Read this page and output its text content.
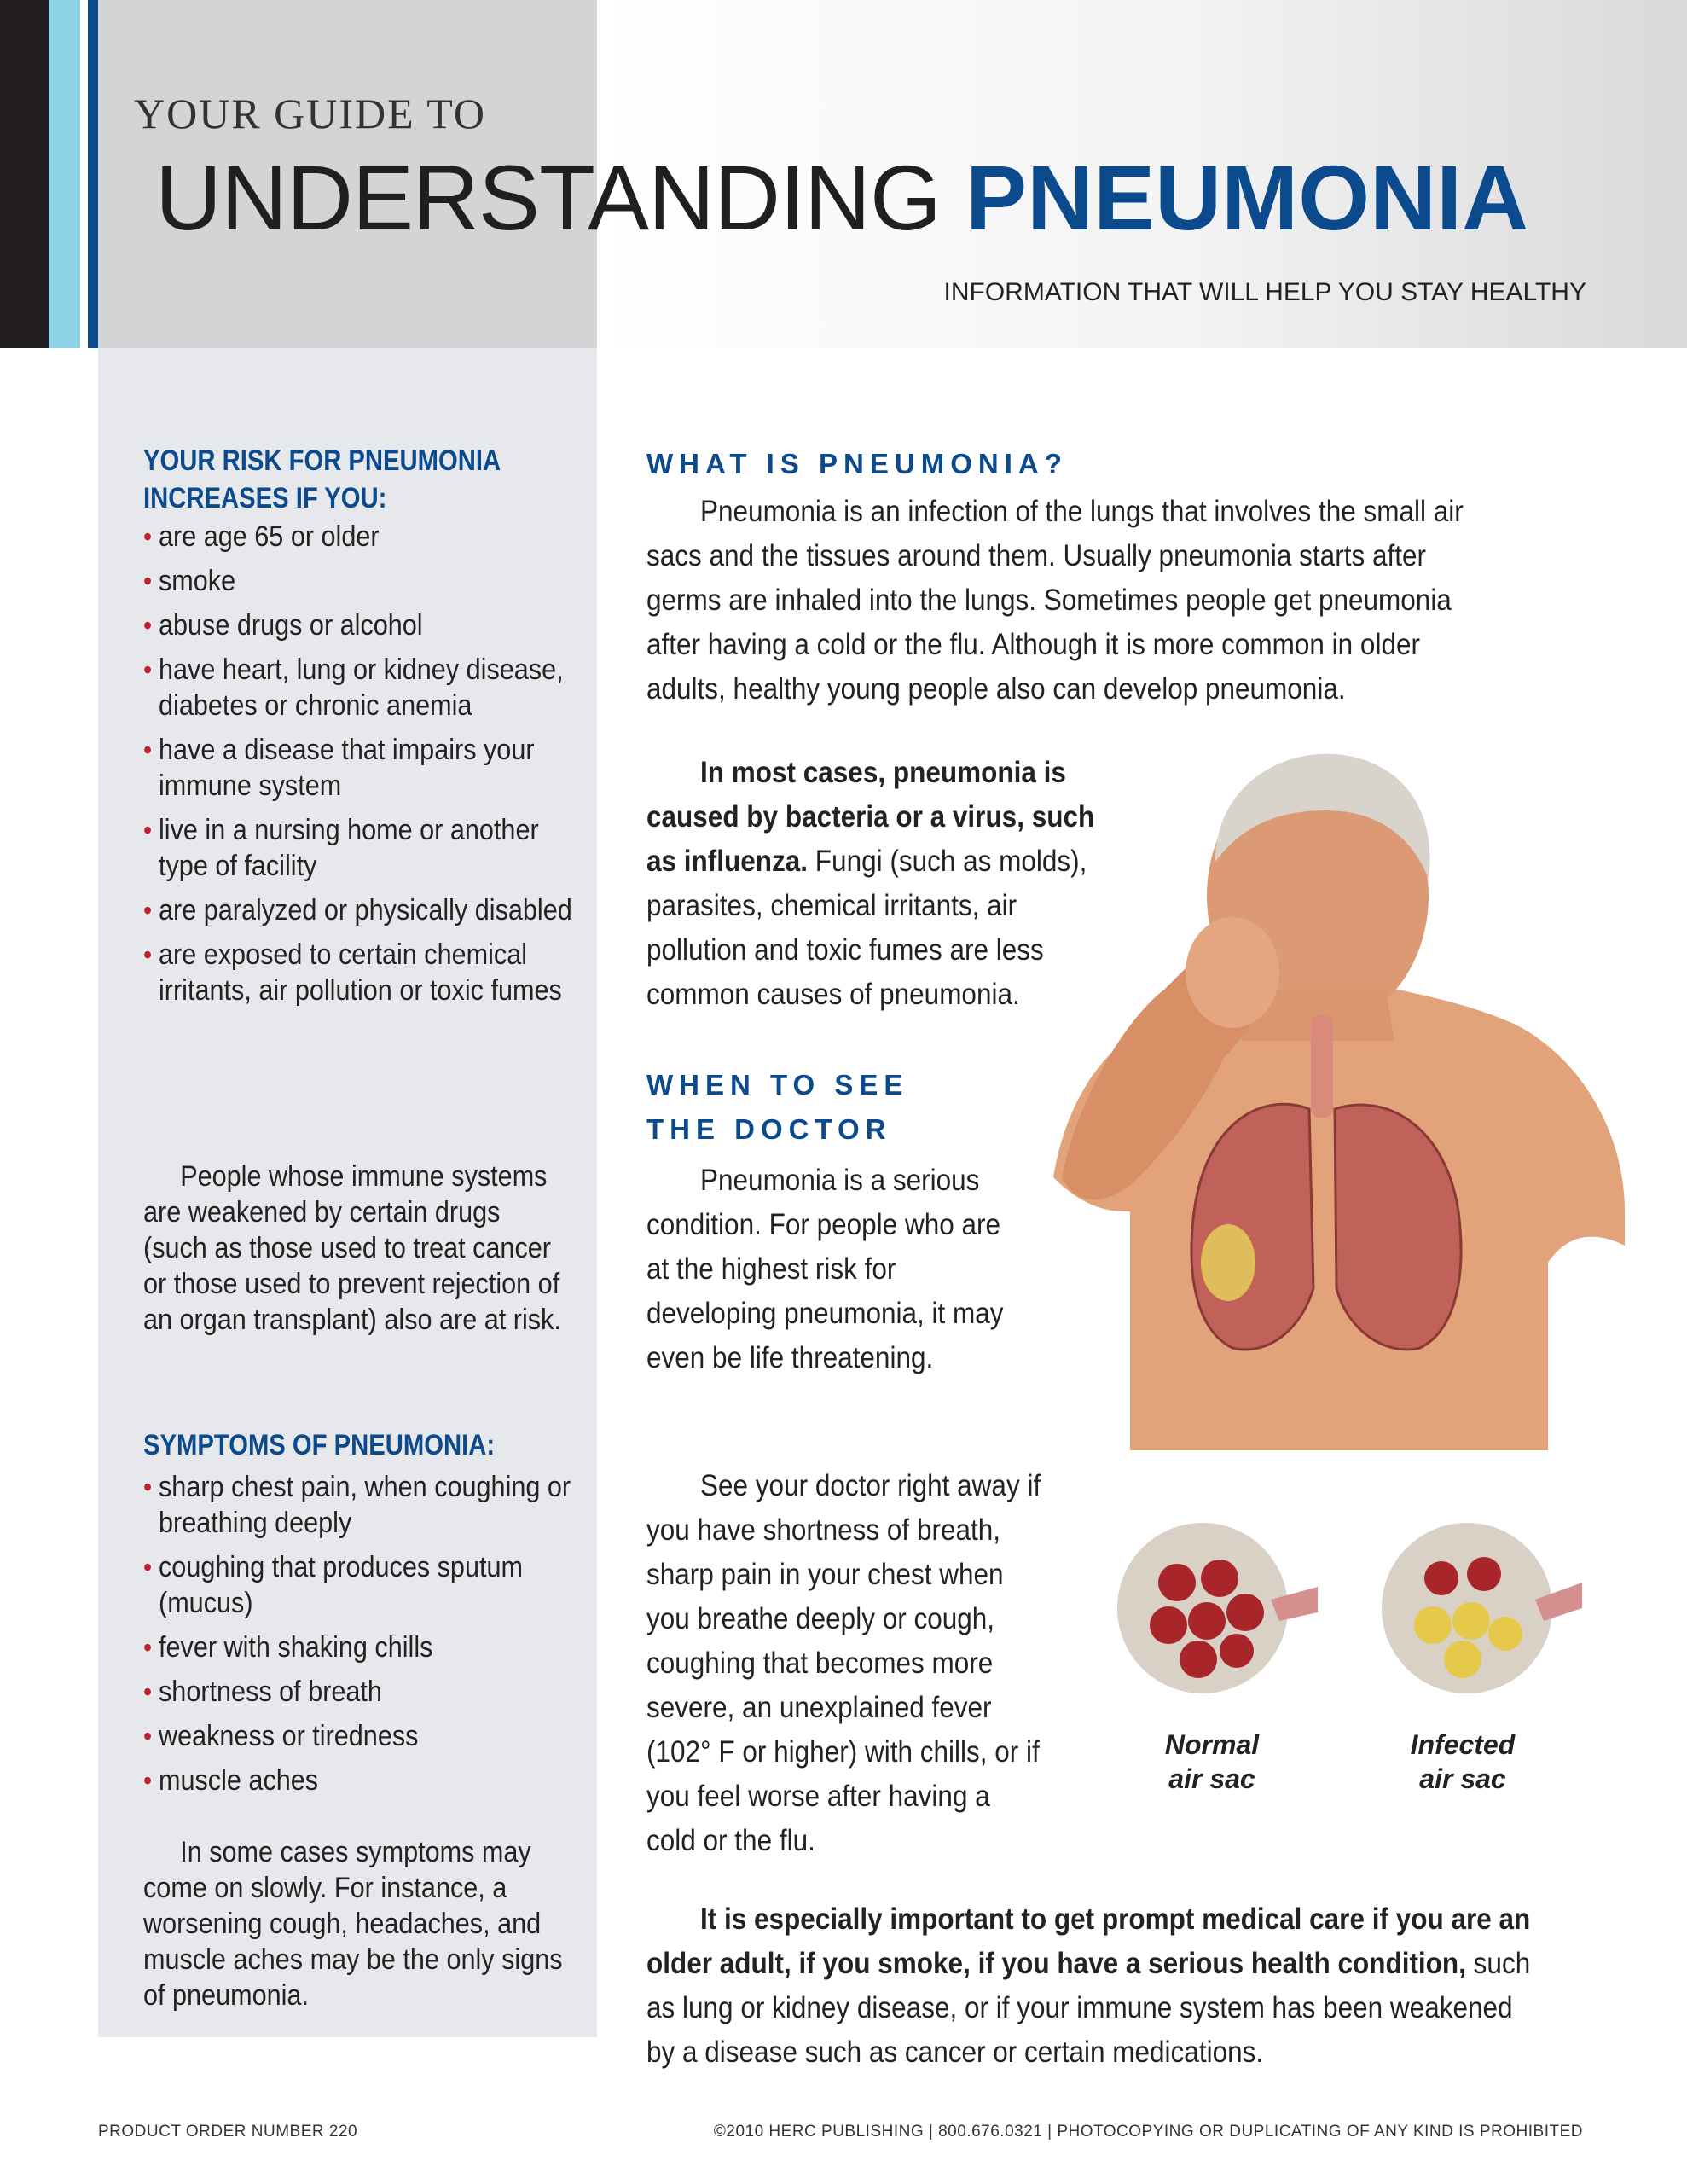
YOUR GUIDE TO
UNDERSTANDING PNEUMONIA
INFORMATION THAT WILL HELP YOU STAY HEALTHY
YOUR RISK FOR PNEUMONIA
INCREASES IF YOU:
• are age 65 or older
• smoke
• abuse drugs or alcohol
• have heart, lung or kidney disease, diabetes or chronic anemia
• have a disease that impairs your immune system
• live in a nursing home or another type of facility
• are paralyzed or physically disabled
• are exposed to certain chemical irritants, air pollution or toxic fumes
People whose immune systems are weakened by certain drugs (such as those used to treat cancer or those used to prevent rejection of an organ transplant) also are at risk.
SYMPTOMS OF PNEUMONIA:
• sharp chest pain, when coughing or breathing deeply
• coughing that produces sputum (mucus)
• fever with shaking chills
• shortness of breath
• weakness or tiredness
• muscle aches
In some cases symptoms may come on slowly. For instance, a worsening cough, headaches, and muscle aches may be the only signs of pneumonia.
WHAT IS PNEUMONIA?
Pneumonia is an infection of the lungs that involves the small air sacs and the tissues around them. Usually pneumonia starts after germs are inhaled into the lungs. Sometimes people get pneumonia after having a cold or the flu. Although it is more common in older adults, healthy young people also can develop pneumonia.
In most cases, pneumonia is caused by bacteria or a virus, such as influenza. Fungi (such as molds), parasites, chemical irritants, air pollution and toxic fumes are less common causes of pneumonia.
WHEN TO SEE
THE DOCTOR
Pneumonia is a serious condition. For people who are at the highest risk for developing pneumonia, it may even be life threatening.
See your doctor right away if you have shortness of breath, sharp pain in your chest when you breathe deeply or cough, coughing that becomes more severe, an unexplained fever (102° F or higher) with chills, or if you feel worse after having a cold or the flu.
It is especially important to get prompt medical care if you are an older adult, if you smoke, if you have a serious health condition, such as lung or kidney disease, or if your immune system has been weakened by a disease such as cancer or certain medications.
Normal
air sac
Infected
air sac
PRODUCT ORDER NUMBER 220	©2010 HERC PUBLISHING | 800.676.0321 | PHOTOCOPYING OR DUPLICATING OF ANY KIND IS PROHIBITED
